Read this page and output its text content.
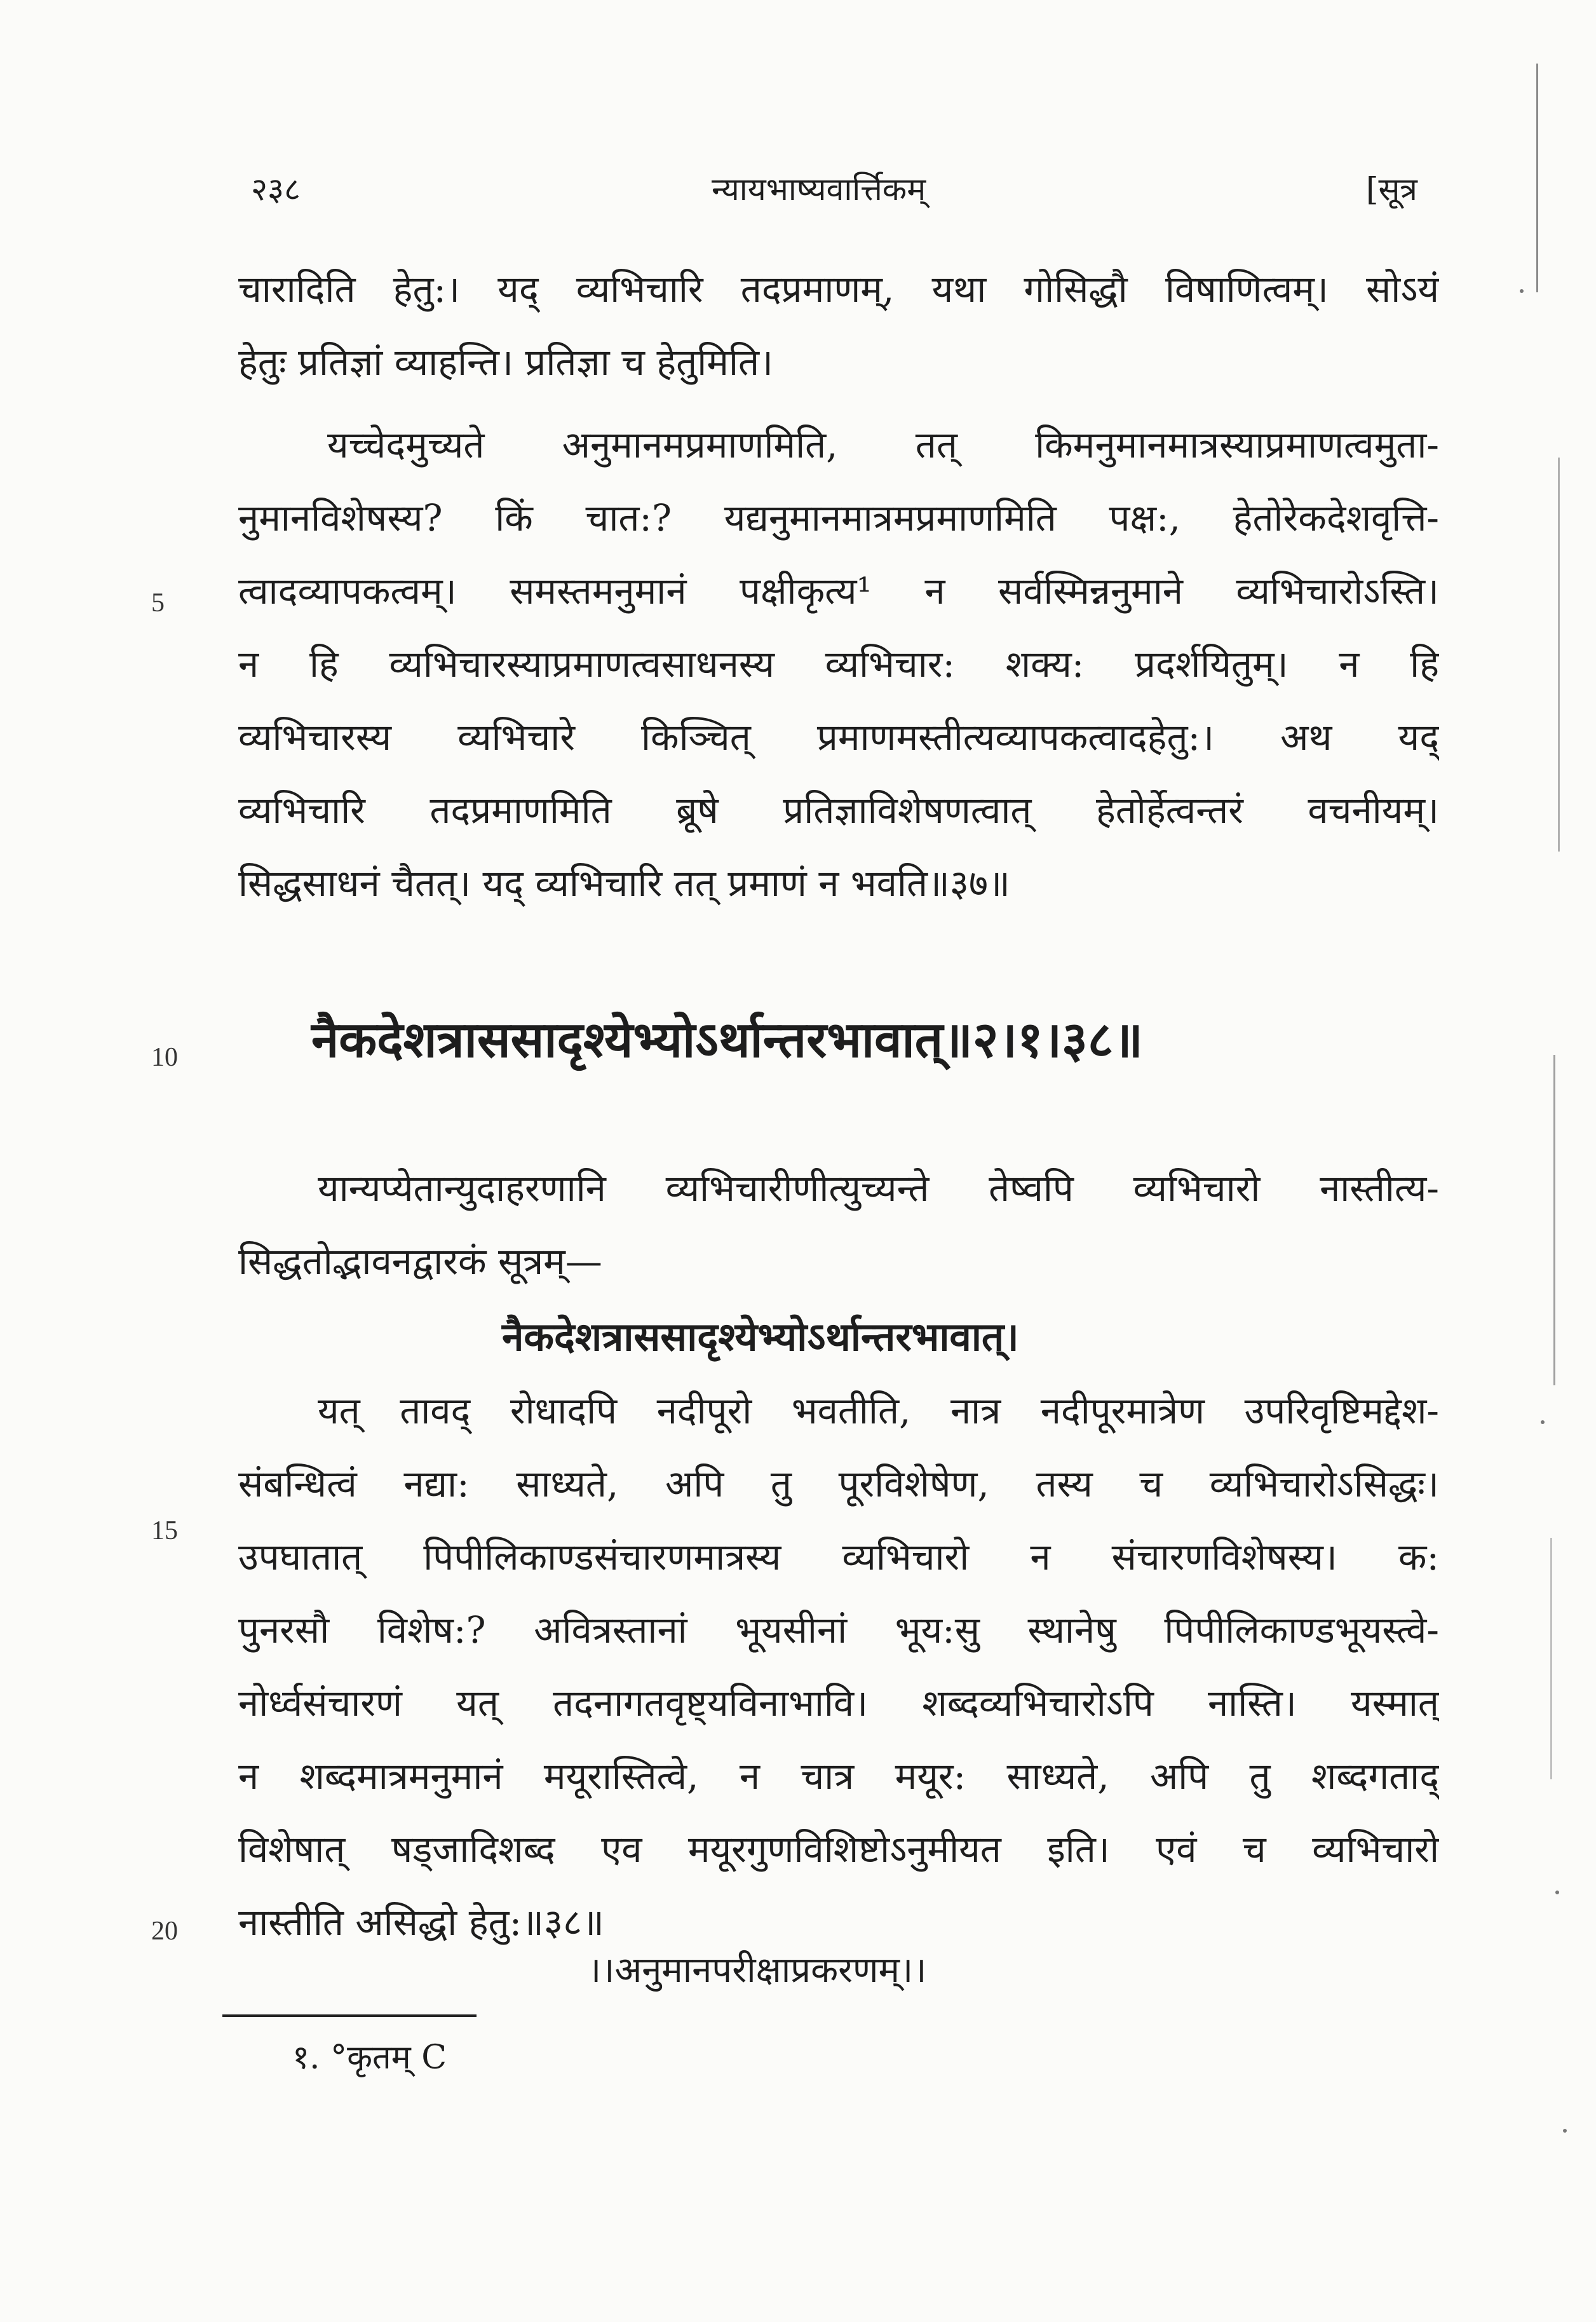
२३८	न्यायभाष्यवार्त्तिकम्	[सूत्र
चारादिति हेतु:। यद् व्यभिचारि तदप्रमाणम्, यथा गोसिद्धौ विषाणित्वम्। सोऽयं
हेतुः प्रतिज्ञां व्याहन्ति। प्रतिज्ञा च हेतुमिति।
यच्चेदमुच्यते अनुमानमप्रमाणमिति, तत् किमनुमानमात्रस्याप्रमाणत्वमुता-
नुमानविशेषस्य? किं चात:? यद्यनुमानमात्रमप्रमाणमिति पक्ष:, हेतोरेकदेशवृत्ति-
त्वादव्यापकत्वम्। समस्तमनुमानं पक्षीकृत्य¹ न सर्वस्मिन्ननुमाने व्यभिचारोऽस्ति।
न हि व्यभिचारस्याप्रमाणत्वसाधनस्य व्यभिचार: शक्य: प्रदर्शयितुम्। न हि
व्यभिचारस्य व्यभिचारे किञ्चित् प्रमाणमस्तीत्यव्यापकत्वादहेतु:। अथ यद्
व्यभिचारि तदप्रमाणमिति ब्रूषे प्रतिज्ञाविशेषणत्वात् हेतोर्हेत्वन्तरं वचनीयम्।
सिद्धसाधनं चैतत्। यद् व्यभिचारि तत् प्रमाणं न भवति॥३७॥
नैकदेशत्राससादृश्येभ्योऽर्थान्तरभावात्॥२।१।३८॥
यान्यप्येतान्युदाहरणानि व्यभिचारीणीत्युच्यन्ते तेष्वपि व्यभिचारो नास्तीत्य-
सिद्धतोद्भावनद्वारकं सूत्रम्—
नैकदेशत्राससादृश्येभ्योऽर्थान्तरभावात्।
यत् तावद् रोधादपि नदीपूरो भवतीति, नात्र नदीपूरमात्रेण उपरिवृष्टिमद्देश-
संबन्धित्वं नद्या: साध्यते, अपि तु पूरविशेषेण, तस्य च व्यभिचारोऽसिद्धः।
उपघातात् पिपीलिकाण्डसंचारणमात्रस्य व्यभिचारो न संचारणविशेषस्य। क:
पुनरसौ विशेष:? अवित्रस्तानां भूयसीनां भूय:सु स्थानेषु पिपीलिकाण्डभूयस्त्वे-
नोर्ध्वसंचारणं यत् तदनागतवृष्ट्यविनाभावि। शब्दव्यभिचारोऽपि नास्ति। यस्मात्
न शब्दमात्रमनुमानं मयूरास्तित्वे, न चात्र मयूर: साध्यते, अपि तु शब्दगताद्
विशेषात् षड्जादिशब्द एव मयूरगुणविशिष्टोऽनुमीयत इति। एवं च व्यभिचारो
नास्तीति असिद्धो हेतु:॥३८॥
।।अनुमानपरीक्षाप्रकरणम्।।
१. °कृतम् C
5
10
15
20
